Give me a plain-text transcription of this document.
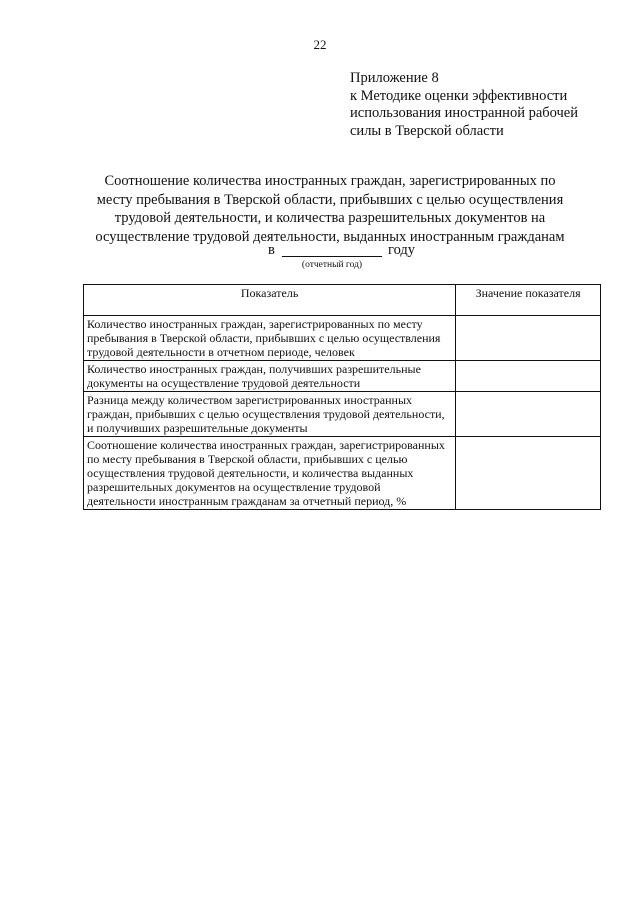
22
Приложение 8
к Методике оценки эффективности
использования иностранной рабочей
силы в Тверской области
Соотношение количества иностранных граждан, зарегистрированных по
месту пребывания в Тверской области, прибывших с целью осуществления
трудовой деятельности, и количества разрешительных документов на
осуществление трудовой деятельности, выданных иностранным гражданам
в	году
(отчетный год)
Показатель	Значение показателя
Количество иностранных граждан, зарегистрированных по месту пребывания в Тверской области, прибывших с целью осуществления трудовой деятельности в отчетном периоде, человек	
Количество иностранных граждан, получивших разрешительные документы на осуществление трудовой деятельности	
Разница между количеством зарегистрированных иностранных граждан, прибывших с целью осуществления трудовой деятельности, и получивших разрешительные документы	
Соотношение количества иностранных граждан, зарегистрированных по месту пребывания в Тверской области, прибывших с целью осуществления трудовой деятельности, и количества выданных разрешительных документов на осуществление трудовой деятельности иностранным гражданам за отчетный период, %	
